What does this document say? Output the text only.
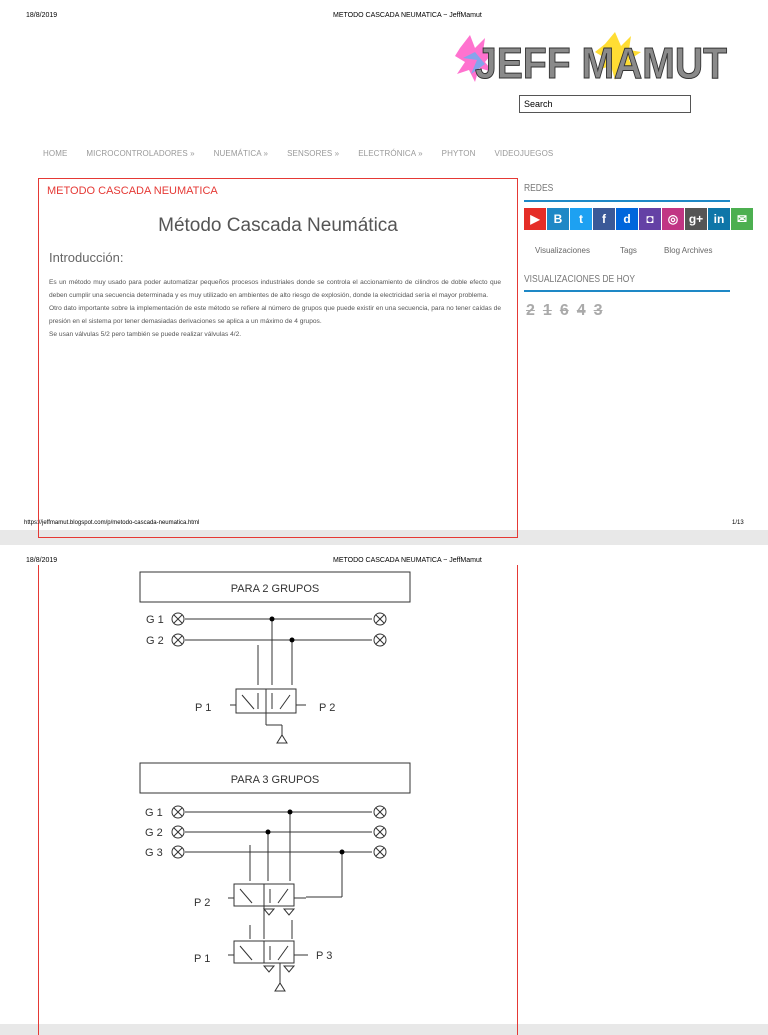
18/8/2019	METODO CASCADA NEUMATICA ~ JeffMamut
JEFF MAMUT
Search
HOME MICROCONTROLADORES » NUEMÁTICA » SENSORES » ELECTRÓNICA » PHYTON VIDEOJUEGOS
METODO CASCADA NEUMATICA
Método Cascada Neumática
Introducción:

Es un método muy usado para poder automatizar pequeños procesos industriales donde se controla el accionamiento de cilindros de doble efecto que deben cumplir una secuencia determinada y es muy utilizado en ambientes de alto riesgo de explosión, donde la electricidad sería el mayor problema.

Otro dato importante sobre la implementación de este método se refiere al número de grupos que puede existir en una secuencia, para no tener caídas de presión en el sistema por tener demasiadas derivaciones se aplica a un máximo de 4 grupos.

Se usan válvulas 5/2 pero también se puede realizar válvulas 4/2.

REDES
▶	B	t	f	d	◘	◎ g+ in	✉
Visualizaciones	Tags	Blog Archives
VISUALIZACIONES DE HOY
2 1 6 4 3
https://jeffmamut.blogspot.com/p/metodo-cascada-neumatica.html	1/13
18/8/2019	METODO CASCADA NEUMATICA ~ JeffMamut
PARA 2 GRUPOS
G 1
G 2
P 1	P 2
PARA 3 GRUPOS
G 1
G 2
G 3
P 2
P 1	P 3
